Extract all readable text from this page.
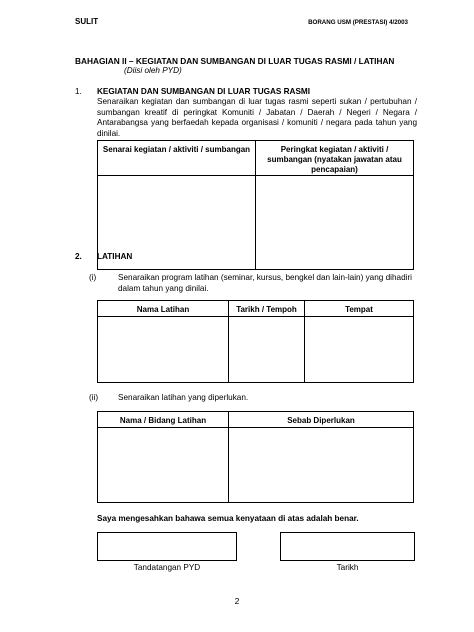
SULIT	BORANG USM (PRESTASI) 4/2003
BAHAGIAN II – KEGIATAN DAN SUMBANGAN DI LUAR TUGAS RASMI / LATIHAN
(Diisi oleh PYD)
1. KEGIATAN DAN SUMBANGAN DI LUAR TUGAS RASMI
Senaraikan kegiatan dan sumbangan di luar tugas rasmi seperti sukan / pertubuhan /
sumbangan kreatif di peringkat Komuniti / Jabatan / Daerah / Negeri / Negara /
Antarabangsa yang berfaedah kepada organisasi / komuniti / negara pada tahun yang
dinilai.
Senarai kegiatan / aktiviti / sumbangan	Peringkat kegiatan / aktiviti / sumbangan (nyatakan jawatan atau pencapaian)

2. LATIHAN
(i)	Senaraikan program latihan (seminar, kursus, bengkel dan lain-lain) yang dihadiri
dalam tahun yang dinilai.
Nama Latihan	Tarikh / Tempoh	Tempat

(ii) Senaraikan latihan yang diperlukan.
Nama / Bidang Latihan	Sebab Diperlukan

Saya mengesahkan bahawa semua kenyataan di atas adalah benar.
Tandatangan PYD	Tarikh
2
